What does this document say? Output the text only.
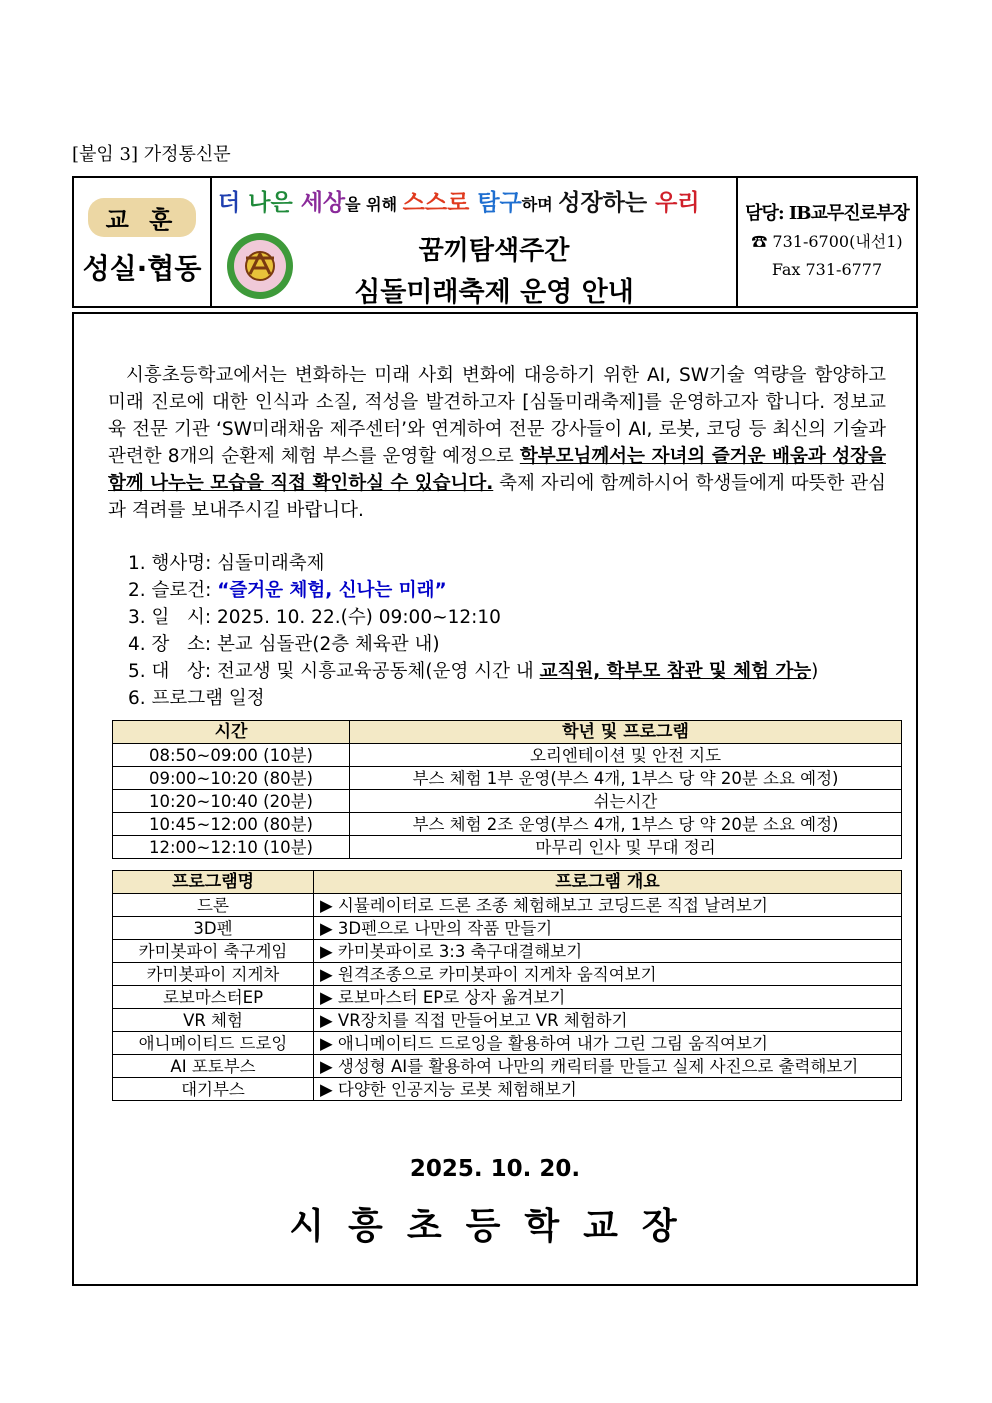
[붙임 3] 가정통신문
교 훈
성실·협동
더 나은 세상을 위해 스스로 탐구하며 성장하는 우리
꿈끼탐색주간
심돌미래축제 운영 안내
담당: IB교무진로부장
☎ 731-6700(내선1)
Fax 731-6777
시흥초등학교에서는 변화하는 미래 사회 변화에 대응하기 위한 AI, SW기술 역량을 함양하고 미래 진로에 대한 인식과 소질, 적성을 발견하고자 [심돌미래축제]를 운영하고자 합니다. 정보교육 전문 기관 ‘SW미래채움 제주센터’와 연계하여 전문 강사들이 AI, 로봇, 코딩 등 최신의 기술과 관련한 8개의 순환제 체험 부스를 운영할 예정으로 학부모님께서는 자녀의 즐거운 배움과 성장을 함께 나누는 모습을 직접 확인하실 수 있습니다. 축제 자리에 함께하시어 학생들에게 따뜻한 관심과 격려를 보내주시길 바랍니다.
1. 행사명: 심돌미래축제
2. 슬로건: “즐거운 체험, 신나는 미래”
3. 일   시: 2025. 10. 22.(수) 09:00~12:10
4. 장   소: 본교 심돌관(2층 체육관 내)
5. 대   상: 전교생 및 시흥교육공동체(운영 시간 내 교직원, 학부모 참관 및 체험 가능)
6. 프로그램 일정
시간	학년 및 프로그램
08:50~09:00 (10분)	오리엔테이션 및 안전 지도
09:00~10:20 (80분)	부스 체험 1부 운영(부스 4개, 1부스 당 약 20분 소요 예정)
10:20~10:40 (20분)	쉬는시간
10:45~12:00 (80분)	부스 체험 2조 운영(부스 4개, 1부스 당 약 20분 소요 예정)
12:00~12:10 (10분)	마무리 인사 및 무대 정리
프로그램명	프로그램 개요
드론	▶ 시뮬레이터로 드론 조종 체험해보고 코딩드론 직접 날려보기
3D펜	▶ 3D펜으로 나만의 작품 만들기
카미봇파이 축구게임	▶ 카미봇파이로 3:3 축구대결해보기
카미봇파이 지게차	▶ 원격조종으로 카미봇파이 지게차 움직여보기
로보마스터EP	▶ 로보마스터 EP로 상자 옮겨보기
VR 체험	▶ VR장치를 직접 만들어보고 VR 체험하기
애니메이티드 드로잉	▶ 애니메이티드 드로잉을 활용하여 내가 그린 그림 움직여보기
AI 포토부스	▶ 생성형 AI를 활용하여 나만의 캐릭터를 만들고 실제 사진으로 출력해보기
대기부스	▶ 다양한 인공지능 로봇 체험해보기
2025. 10. 20.
시흥초등학교장
